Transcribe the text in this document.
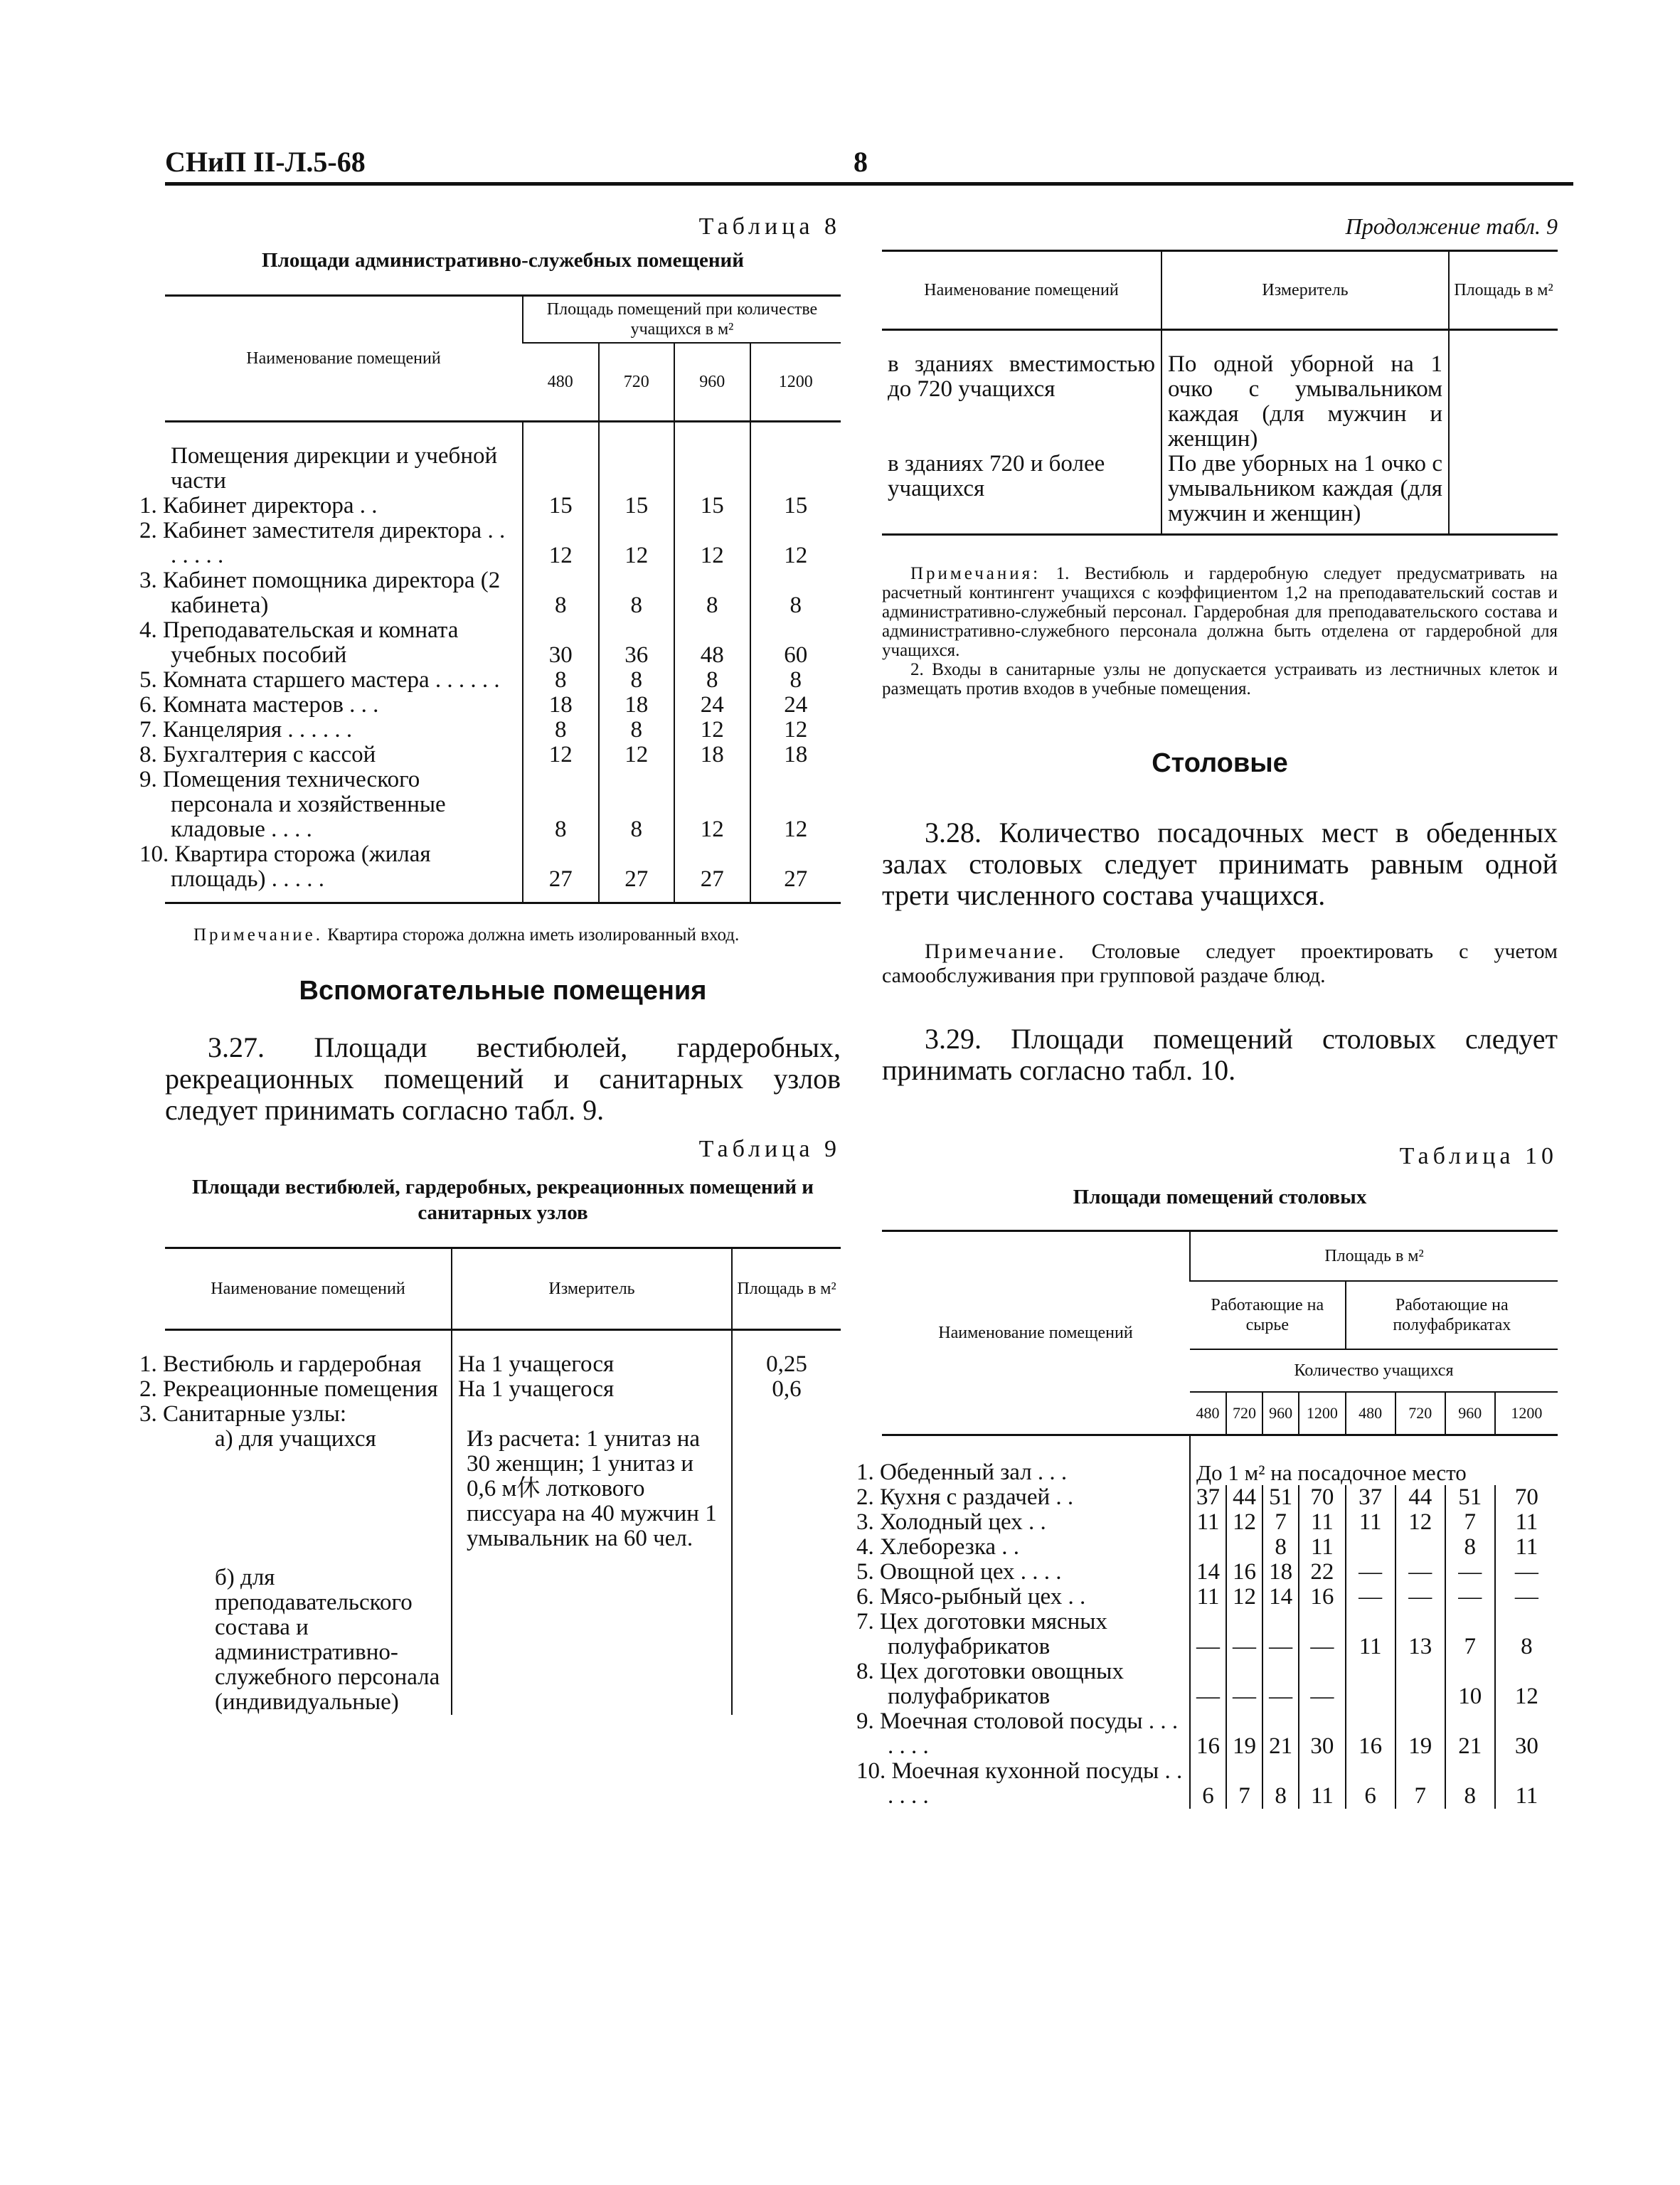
СНиП II-Л.5-68	8
Таблица 8
Площади административно-служебных помещений
Наименование помещений	Площадь помещений при количестве учащихся в м²			
	480	720	960	1200
Помещения дирекции и учебной части				
1. Кабинет директора . .	15	15	15	15
2. Кабинет заместителя директора . . . . . . .	12	12	12	12
3. Кабинет помощника директора (2 кабинета)	8	8	8	8
4. Преподавательская и комната учебных пособий	30	36	48	60
5. Комната старшего мастера . . . . . .	8	8	8	8
6. Комната мастеров . . .	18	18	24	24
7. Канцелярия . . . . . .	8	8	12	12
8. Бухгалтерия с кассой	12	12	18	18
9. Помещения технического персонала и хозяйственные кладовые . . . .	8	8	12	12
10. Квартира сторожа (жилая площадь) . . . . .	27	27	27	27
Примечание. Квартира сторожа должна иметь изолированный вход.
Вспомогательные помещения
3.27. Площади вестибюлей, гардеробных, рекреационных помещений и санитарных узлов следует принимать согласно табл. 9.
Таблица 9
Площади вестибюлей, гардеробных, рекреационных помещений и санитарных узлов
Наименование помещений	Измеритель	Площадь в м²
1. Вестибюль и гардеробная	На 1 учащегося	0,25
2. Рекреационные помещения	На 1 учащегося	0,6
3. Санитарные узлы:		
а) для учащихся	Из расчета: 1 унитаз на 30 женщин; 1 унитаз и 0,6 м休 лоткового писсуара на 40 мужчин 1 умывальник на 60 чел.	
б) для преподавательского состава и административно-служебного персонала (индивидуальные)		
Продолжение табл. 9
Наименование помещений	Измеритель	Площадь в м²
в зданиях вместимостью до 720 учащихся	По одной уборной на 1 очко с умывальником каждая (для мужчин и женщин)	
в зданиях 720 и более учащихся	По две уборных на 1 очко с умывальником каждая (для мужчин и женщин)	
Примечания: 1. Вестибюль и гардеробную следует предусматривать на расчетный контингент учащихся с коэффициентом 1,2 на преподавательский состав и административно-служебный персонал. Гардеробная для преподавательского состава и административно-служебного персонала должна быть отделена от гардеробной для учащихся.
2. Входы в санитарные узлы не допускается устраивать из лестничных клеток и размещать против входов в учебные помещения.
Столовые
3.28. Количество посадочных мест в обеденных залах столовых следует принимать равным одной трети численного состава учащихся.
Примечание. Столовые следует проектировать с учетом самообслуживания при групповой раздаче блюд.
3.29. Площади помещений столовых следует принимать согласно табл. 10.
Таблица 10
Площади помещений столовых
Наименование помещений	Площадь в м²							
	Работающие на сырье				Работающие на полуфабрикатах			
	Количество учащихся							
	480	720	960	1200	480	720	960	1200
1. Обеденный зал . . .	До 1 м² на посадочное место							
2. Кухня с раздачей . .	37	44	51	70	37	44	51	70
3. Холодный цех . .	11	12	7	11	11	12	7	11
4. Хлеборезка . .			8	11			8	11
5. Овощной цех . . . .	14	16	18	22	—	—	—	—
6. Мясо-рыбный цех . .	11	12	14	16	—	—	—	—
7. Цех доготовки мясных полуфабрикатов	—	—	—	—	11	13	7	8
8. Цех доготовки овощных полуфабрикатов	—	—	—	—			10	12
9. Моечная столовой посуды . . . . . . .	16	19	21	30	16	19	21	30
10. Моечная кухонной посуды . . . . . .	6	7	8	11	6	7	8	11
